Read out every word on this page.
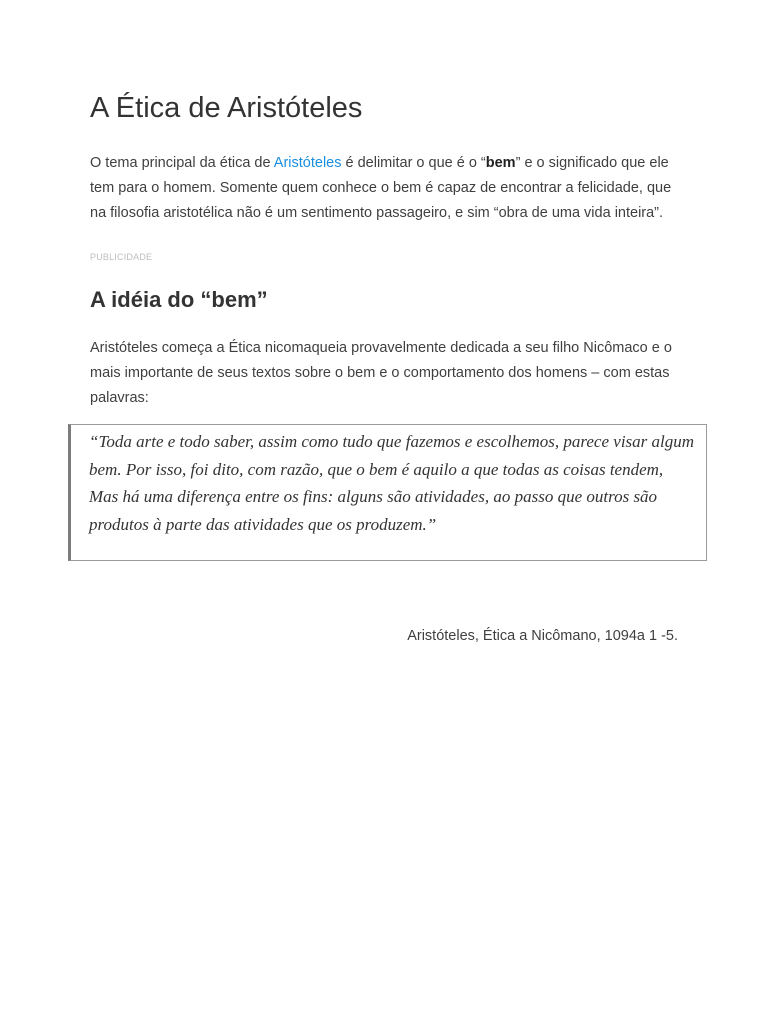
A Ética de Aristóteles

O tema principal da ética de Aristóteles é delimitar o que é o “bem” e o significado que ele tem para o homem. Somente quem conhece o bem é capaz de encontrar a felicidade, que na filosofia aristotélica não é um sentimento passageiro, e sim “obra de uma vida inteira”.

PUBLICIDADE
A idéia do “bem”

Aristóteles começa a Ética nicomaqueia provavelmente dedicada a seu filho Nicômaco e o mais importante de seus textos sobre o bem e o comportamento dos homens – com estas palavras:

“Toda arte e todo saber, assim como tudo que fazemos e escolhemos, parece visar algum bem. Por isso, foi dito, com razão, que o bem é aquilo a que todas as coisas tendem, Mas há uma diferença entre os fins: alguns são atividades, ao passo que outros são produtos à parte das atividades que os produzem.”

Aristóteles, Ética a Nicômano, 1094a 1 -5.
